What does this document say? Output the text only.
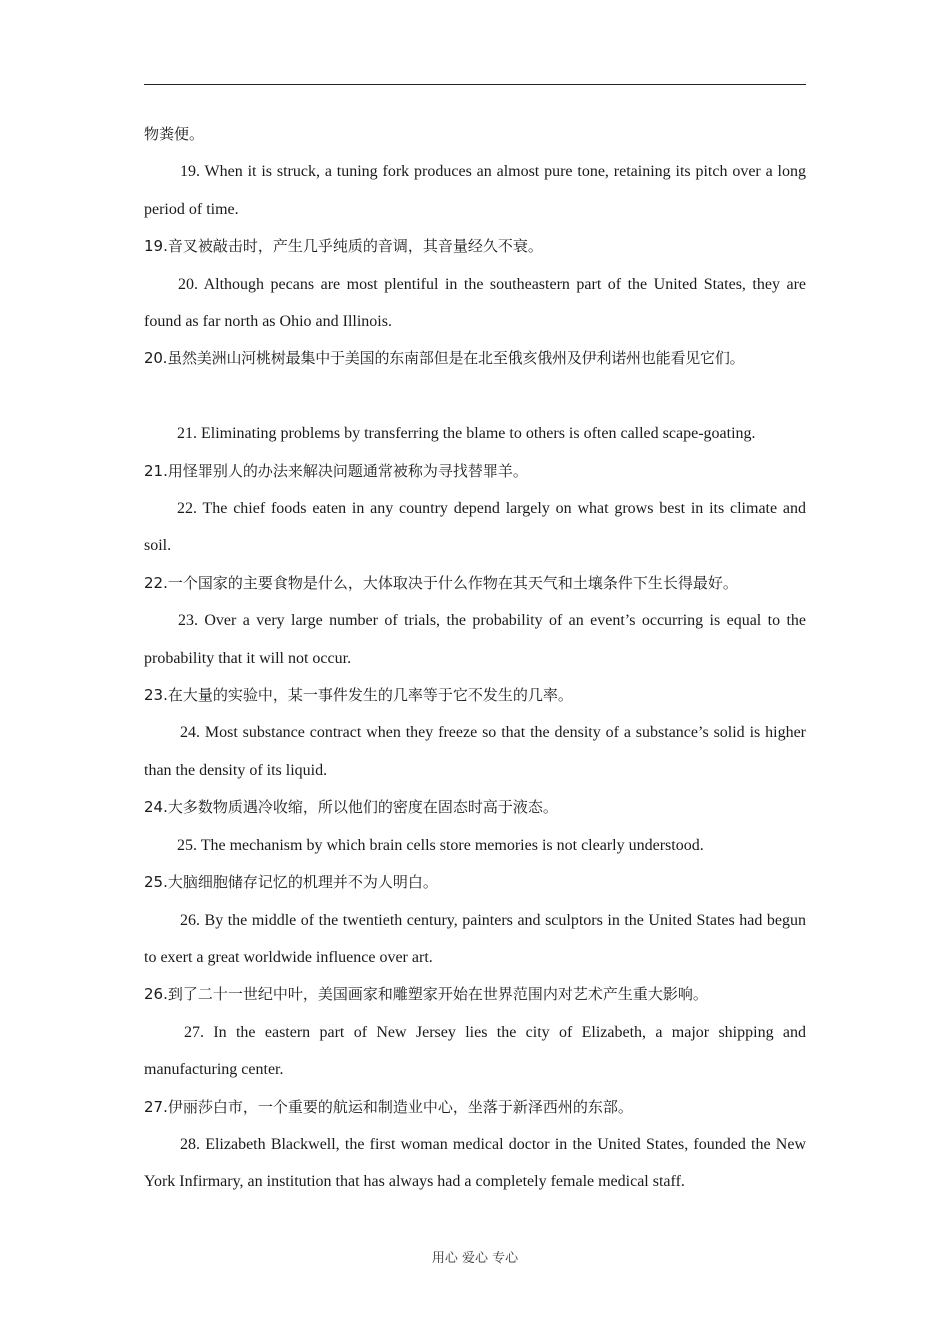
物粪便。

19. When it is struck, a tuning fork produces an almost pure tone, retaining its pitch over a long period of time.

19.音叉被敲击时，产生几乎纯质的音调，其音量经久不衰。

20. Although pecans are most plentiful in the southeastern part of the United States, they are found as far north as Ohio and Illinois.

20.虽然美洲山河桃树最集中于美国的东南部但是在北至俄亥俄州及伊利诺州也能看见它们。

21. Eliminating problems by transferring the blame to others is often called scape-goating.

21.用怪罪别人的办法来解决问题通常被称为寻找替罪羊。

22. The chief foods eaten in any country depend largely on what grows best in its climate and soil.

22.一个国家的主要食物是什么，大体取决于什么作物在其天气和土壤条件下生长得最好。

23. Over a very large number of trials, the probability of an event’s occurring is equal to the probability that it will not occur.

23.在大量的实验中，某一事件发生的几率等于它不发生的几率。

24. Most substance contract when they freeze so that the density of a substance’s solid is higher than the density of its liquid.

24.大多数物质遇冷收缩，所以他们的密度在固态时高于液态。

25. The mechanism by which brain cells store memories is not clearly understood.

25.大脑细胞储存记忆的机理并不为人明白。

26. By the middle of the twentieth century, painters and sculptors in the United States had begun to exert a great worldwide influence over art.

26.到了二十一世纪中叶，美国画家和雕塑家开始在世界范围内对艺术产生重大影响。

27. In the eastern part of New Jersey lies the city of Elizabeth, a major shipping and manufacturing center.

27.伊丽莎白市，一个重要的航运和制造业中心，坐落于新泽西州的东部。

28. Elizabeth Blackwell, the first woman medical doctor in the United States, founded the New York Infirmary, an institution that has always had a completely female medical staff.

用心 爱心 专心
